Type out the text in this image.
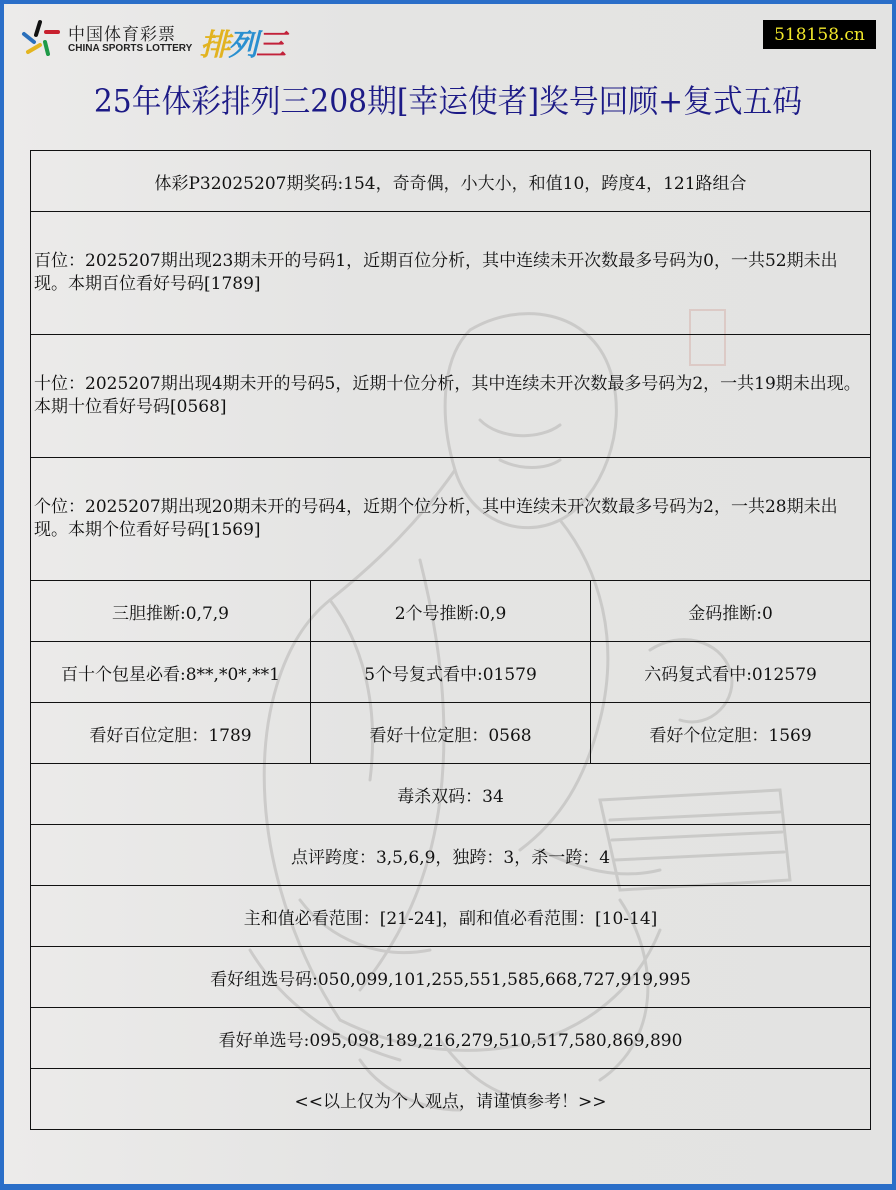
中国体育彩票
CHINA SPORTS LOTTERY 排列三	518158.cn
25年体彩排列三208期[幸运使者]奖号回顾+复式五码
体彩P32025207期奖码:154，奇奇偶，小大小，和值10，跨度4，121路组合		
百位：2025207期出现23期未开的号码1，近期百位分析，其中连续未开次数最多号码为0，一共52期未出现。本期百位看好号码[1789]		
十位：2025207期出现4期未开的号码5，近期十位分析，其中连续未开次数最多号码为2，一共19期未出现。本期十位看好号码[0568]		
个位：2025207期出现20期未开的号码4，近期个位分析，其中连续未开次数最多号码为2，一共28期未出现。本期个位看好号码[1569]		
三胆推断:0,7,9	2个号推断:0,9	金码推断:0
百十个包星必看:8**,*0*,**1	5个号复式看中:01579	六码复式看中:012579
看好百位定胆：1789	看好十位定胆：0568	看好个位定胆：1569
毒杀双码：34		
点评跨度：3,5,6,9，独跨：3，杀一跨：4		
主和值必看范围：[21-24]，副和值必看范围：[10-14]		
看好组选号码:050,099,101,255,551,585,668,727,919,995		
看好单选号:095,098,189,216,279,510,517,580,869,890		
<<以上仅为个人观点，请谨慎参考！>>		
